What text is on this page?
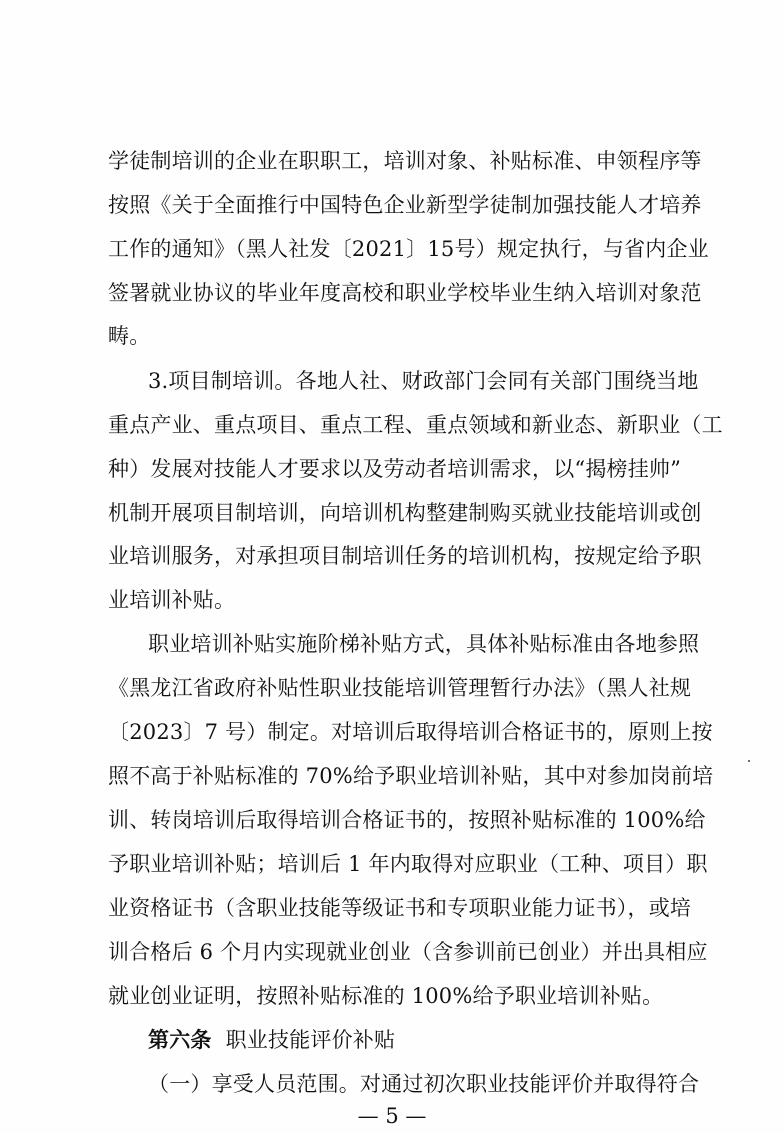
学徒制培训的企业在职职工，培训对象、补贴标准、申领程序等
按照《关于全面推行中国特色企业新型学徒制加强技能人才培养
工作的通知》（黑人社发〔2021〕15号）规定执行，与省内企业
签署就业协议的毕业年度高校和职业学校毕业生纳入培训对象范
畴。
3.项目制培训。各地人社、财政部门会同有关部门围绕当地
重点产业、重点项目、重点工程、重点领域和新业态、新职业（工
种）发展对技能人才要求以及劳动者培训需求，以“揭榜挂帅”
机制开展项目制培训，向培训机构整建制购买就业技能培训或创
业培训服务，对承担项目制培训任务的培训机构，按规定给予职
业培训补贴。
职业培训补贴实施阶梯补贴方式，具体补贴标准由各地参照
《黑龙江省政府补贴性职业技能培训管理暂行办法》（黑人社规
〔2023〕7 号）制定。对培训后取得培训合格证书的，原则上按
照不高于补贴标准的 70%给予职业培训补贴，其中对参加岗前培
训、转岗培训后取得培训合格证书的，按照补贴标准的 100%给
予职业培训补贴；培训后 1 年内取得对应职业（工种、项目）职
业资格证书（含职业技能等级证书和专项职业能力证书），或培
训合格后 6 个月内实现就业创业（含参训前已创业）并出具相应
就业创业证明，按照补贴标准的 100%给予职业培训补贴。
第六条 职业技能评价补贴
（一）享受人员范围。对通过初次职业技能评价并取得符合
— 5 —
